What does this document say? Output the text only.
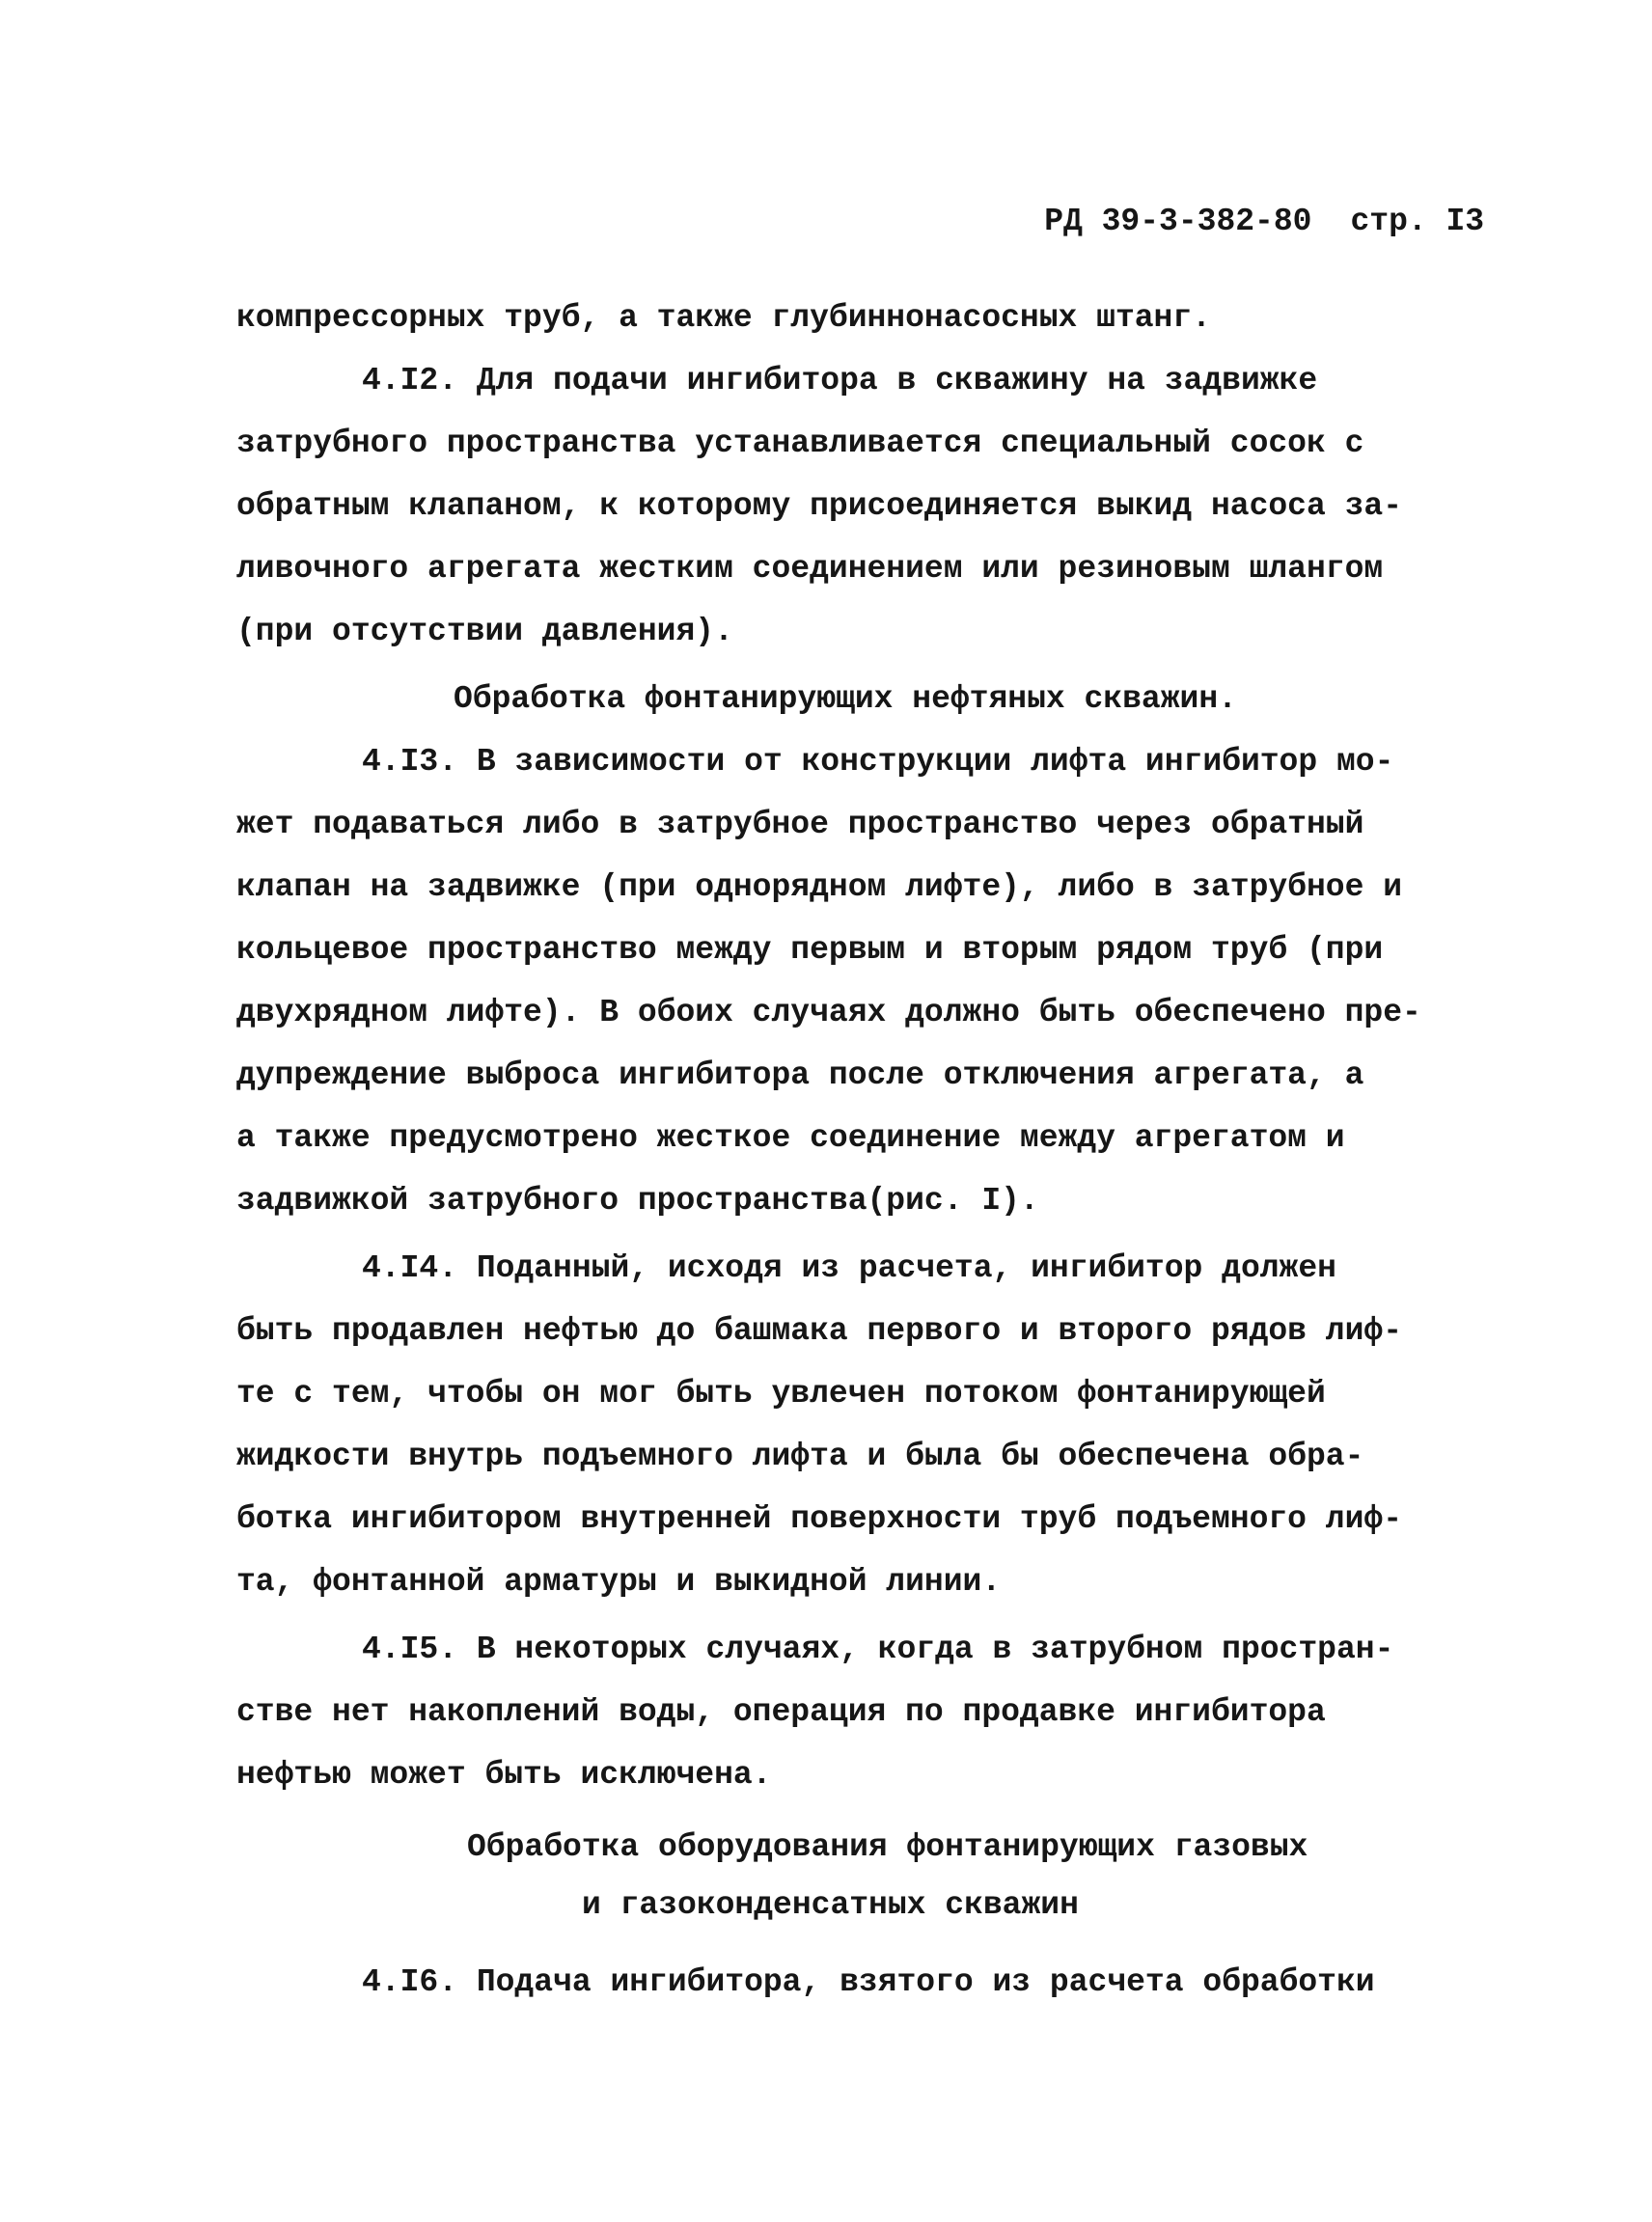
РД 39-3-382-80 стр. I3

компрессорных труб, а также глубиннонасосных штанг.
4.I2. Для подачи ингибитора в скважину на задвижке
затрубного пространства устанавливается специальный сосок с
обратным клапаном, к которому присоединяется выкид насоса за-
ливочного агрегата жестким соединением или резиновым шлангом
(при отсутствии давления).
Обработка фонтанирующих нефтяных скважин.
4.I3. В зависимости от конструкции лифта ингибитор мо-
жет подаваться либо в затрубное пространство через обратный
клапан на задвижке (при однорядном лифте), либо в затрубное и
кольцевое пространство между первым и вторым рядом труб (при
двухрядном лифте). В обоих случаях должно быть обеспечено пре-
дупреждение выброса ингибитора после отключения агрегата, а
а также предусмотрено жесткое соединение между агрегатом и
задвижкой затрубного пространства(рис. I).
4.I4. Поданный, исходя из расчета, ингибитор должен
быть продавлен нефтью до башмака первого и второго рядов лиф-
те с тем, чтобы он мог быть увлечен потоком фонтанирующей
жидкости внутрь подъемного лифта и была бы обеспечена обра-
ботка ингибитором внутренней поверхности труб подъемного лиф-
та, фонтанной арматуры и выкидной линии.
4.I5. В некоторых случаях, когда в затрубном простран-
стве нет накоплений воды, операция по продавке ингибитора
нефтью может быть исключена.
Обработка оборудования фонтанирующих газовых
и газоконденсатных скважин
4.I6. Подача ингибитора, взятого из расчета обработки
